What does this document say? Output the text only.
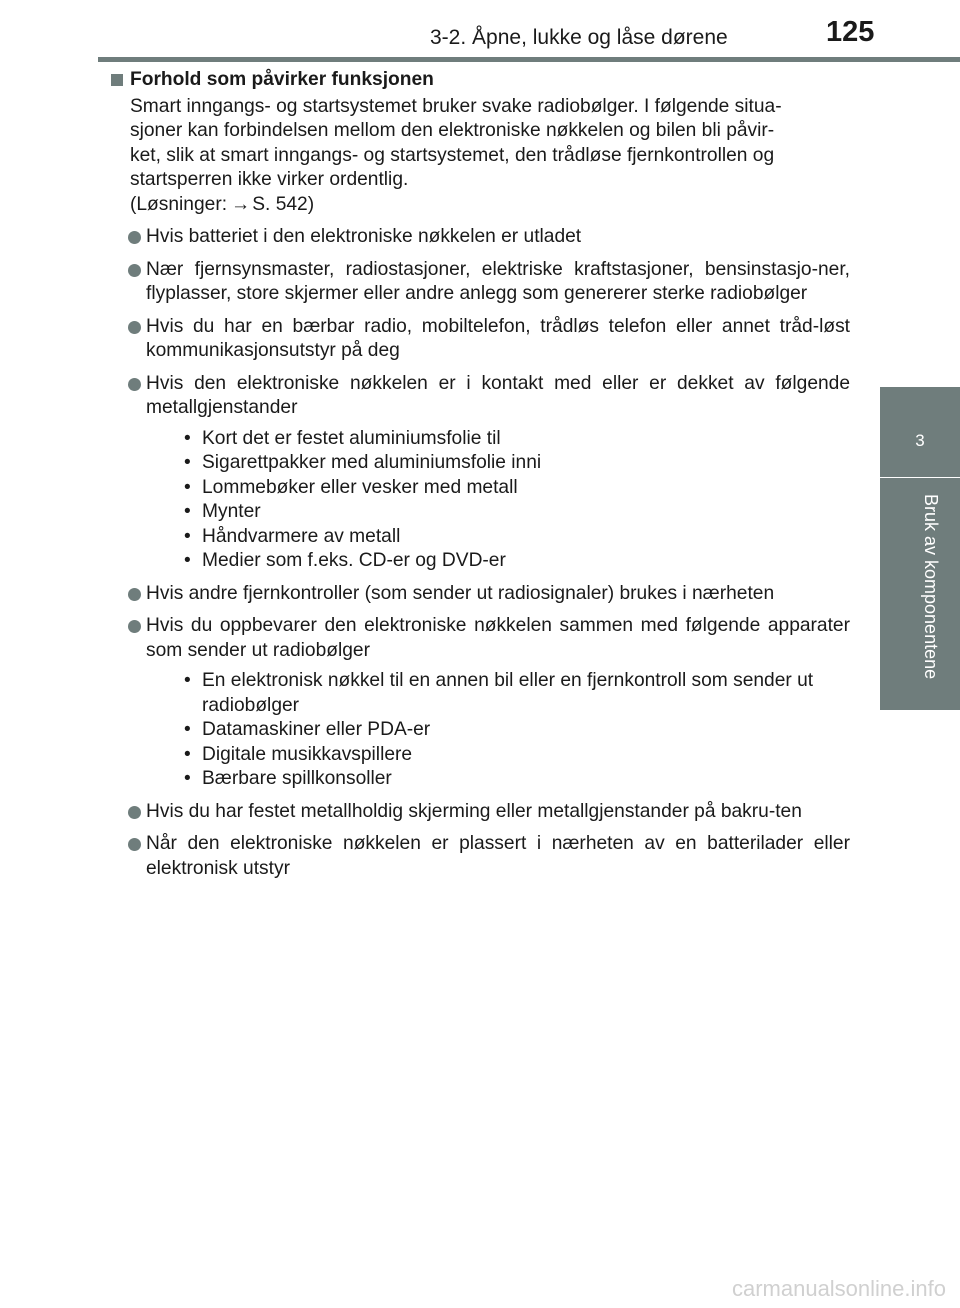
3-2. Åpne, lukke og låse dørene	125
3
Bruk av komponentene
Forhold som påvirker funksjonen
Smart inngangs- og startsystemet bruker svake radiobølger. I følgende situa-
sjoner kan forbindelsen mellom den elektroniske nøkkelen og bilen bli påvir-
ket, slik at smart inngangs- og startsystemet, den trådløse fjernkontrollen og
startsperren ikke virker ordentlig.
(Løsninger: → S. 542)
Hvis batteriet i den elektroniske nøkkelen er utladet
Nær fjernsynsmaster, radiostasjoner, elektriske kraftstasjoner, bensinstasjo-ner, flyplasser, store skjermer eller andre anlegg som genererer sterke radiobølger
Hvis du har en bærbar radio, mobiltelefon, trådløs telefon eller annet tråd-løst kommunikasjonsutstyr på deg
Hvis den elektroniske nøkkelen er i kontakt med eller er dekket av følgende metallgjenstander
• Kort det er festet aluminiumsfolie til
• Sigarettpakker med aluminiumsfolie inni
• Lommebøker eller vesker med metall
• Mynter
• Håndvarmere av metall
• Medier som f.eks. CD-er og DVD-er
Hvis andre fjernkontroller (som sender ut radiosignaler) brukes i nærheten
Hvis du oppbevarer den elektroniske nøkkelen sammen med følgende apparater som sender ut radiobølger
• En elektronisk nøkkel til en annen bil eller en fjernkontroll som sender ut radiobølger
• Datamaskiner eller PDA-er
• Digitale musikkavspillere
• Bærbare spillkonsoller
Hvis du har festet metallholdig skjerming eller metallgjenstander på bakru-ten
Når den elektroniske nøkkelen er plassert i nærheten av en batterilader eller elektronisk utstyr
carmanualsonline.info
